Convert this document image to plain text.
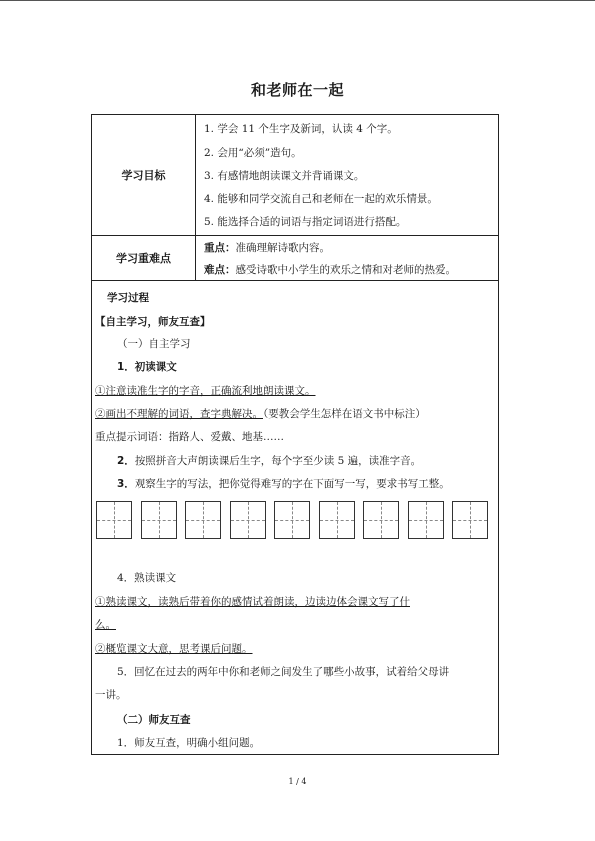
和老师在一起
学习目标
1. 学会 11 个生字及新词，认读 4 个字。
2. 会用“必须”造句。
3. 有感情地朗读课文并背诵课文。
4. 能够和同学交流自己和老师在一起的欢乐情景。
5. 能选择合适的词语与指定词语进行搭配。
学习重难点
重点：准确理解诗歌内容。
难点：感受诗歌中小学生的欢乐之情和对老师的热爱。
学习过程
【自主学习，师友互查】
（一）自主学习
1．初读课文
①注意读准生字的字音，正确流利地朗读课文。
②画出不理解的词语，查字典解决。（要教会学生怎样在语文书中标注）
重点提示词语：指路人、爱戴、地基……
2．按照拼音大声朗读课后生字，每个字至少读 5 遍，读准字音。
3．观察生字的写法，把你觉得难写的字在下面写一写，要求书写工整。
4．熟读课文
①熟读课文，读熟后带着你的感情试着朗读，边读边体会课文写了什
么。
②概览课文大意，思考课后问题。
5．回忆在过去的两年中你和老师之间发生了哪些小故事，试着给父母讲
一讲。
（二）师友互查
1．师友互查，明确小组问题。
1 / 4
